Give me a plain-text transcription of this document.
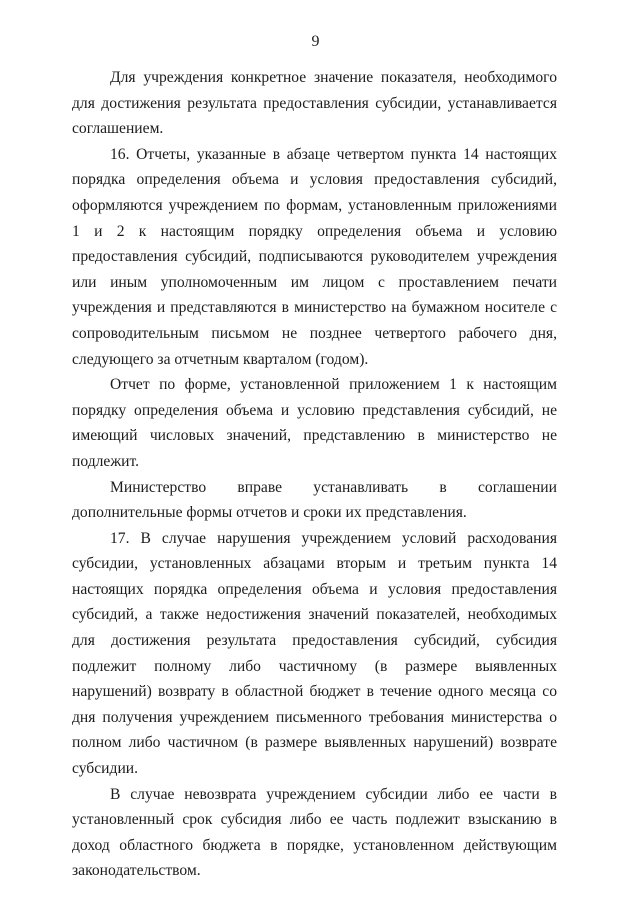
9

Для учреждения конкретное значение показателя, необходимого для достижения результата предоставления субсидии, устанавливается соглашением.

16. Отчеты, указанные в абзаце четвертом пункта 14 настоящих порядка определения объема и условия предоставления субсидий, оформляются учреждением по формам, установленным приложениями 1 и 2 к настоящим порядку определения объема и условию предоставления субсидий, подписываются руководителем учреждения или иным уполномоченным им лицом с проставлением печати учреждения и представляются в министерство на бумажном носителе с сопроводительным письмом не позднее четвертого рабочего дня, следующего за отчетным кварталом (годом).

Отчет по форме, установленной приложением 1 к настоящим порядку определения объема и условию представления субсидий, не имеющий числовых значений, представлению в министерство не подлежит.

Министерство вправе устанавливать в соглашении дополнительные формы отчетов и сроки их представления.

17. В случае нарушения учреждением условий расходования субсидии, установленных абзацами вторым и третьим пункта 14 настоящих порядка определения объема и условия предоставления субсидий, а также недостижения значений показателей, необходимых для достижения результата предоставления субсидий, субсидия подлежит полному либо частичному (в размере выявленных нарушений) возврату в областной бюджет в течение одного месяца со дня получения учреждением письменного требования министерства о полном либо частичном (в размере выявленных нарушений) возврате субсидии.

В случае невозврата учреждением субсидии либо ее части в установленный срок субсидия либо ее часть подлежит взысканию в доход областного бюджета в порядке, установленном действующим законодательством.
